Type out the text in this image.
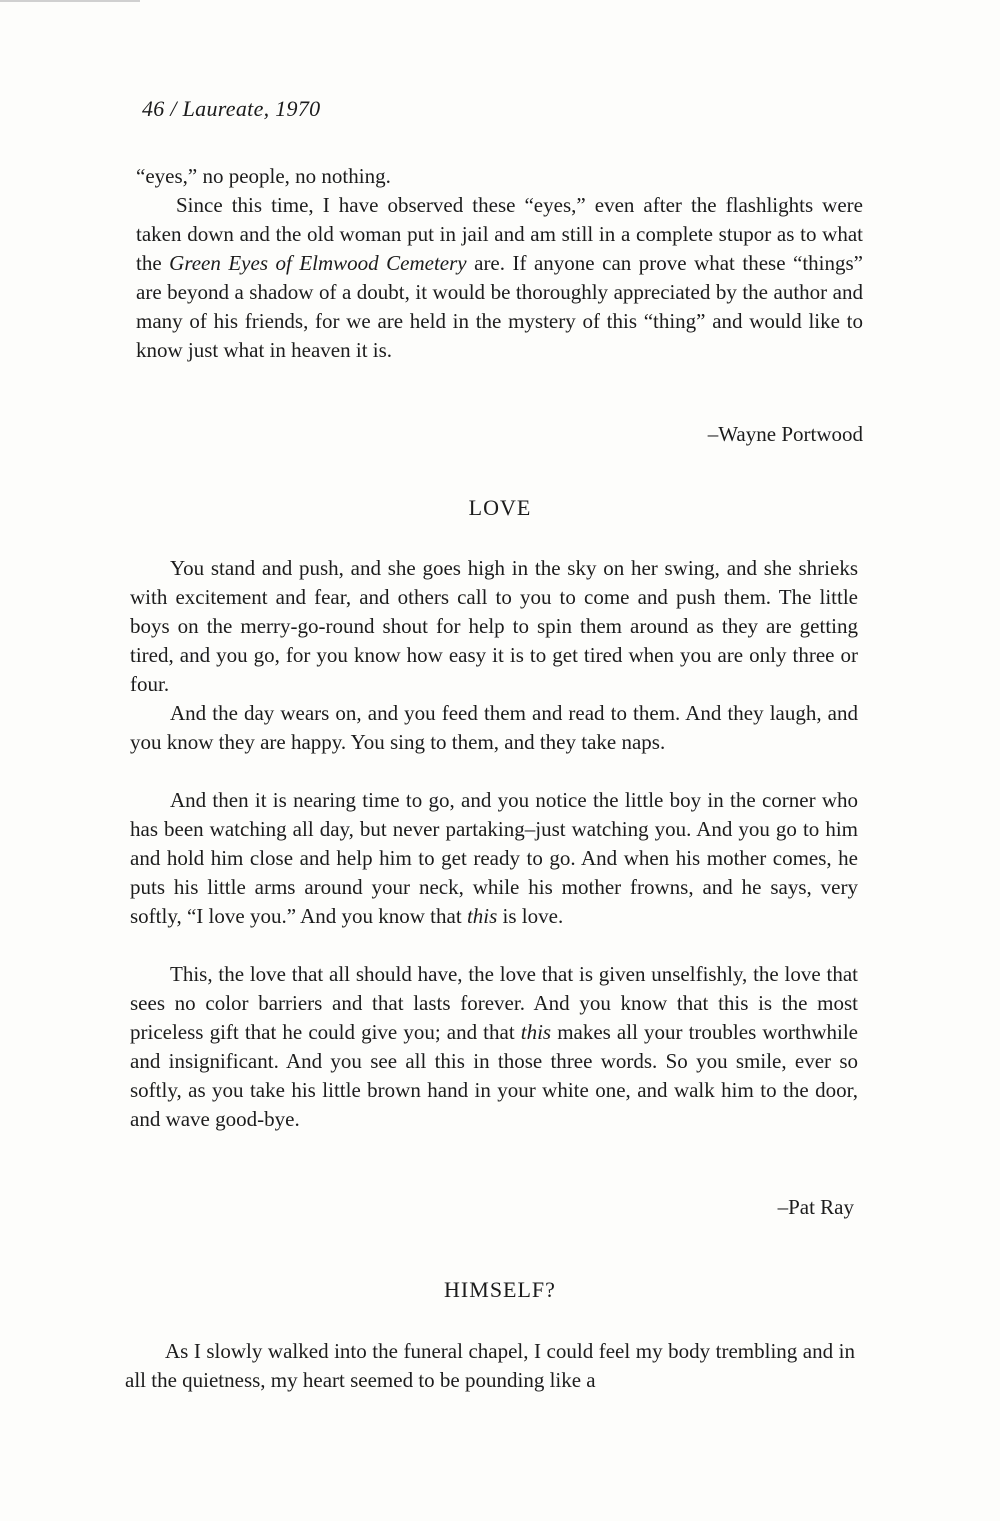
46 / Laureate, 1970

“eyes,” no people, no nothing.

Since this time, I have observed these “eyes,” even after the flashlights were taken down and the old woman put in jail and am still in a complete stupor as to what the Green Eyes of Elmwood Cemetery are. If anyone can prove what these “things” are beyond a shadow of a doubt, it would be thoroughly appreciated by the author and many of his friends, for we are held in the mystery of this “thing” and would like to know just what in heaven it is.

–Wayne Portwood
LOVE

You stand and push, and she goes high in the sky on her swing, and she shrieks with excitement and fear, and others call to you to come and push them. The little boys on the merry-go-round shout for help to spin them around as they are getting tired, and you go, for you know how easy it is to get tired when you are only three or four.

And the day wears on, and you feed them and read to them. And they laugh, and you know they are happy. You sing to them, and they take naps.

And then it is nearing time to go, and you notice the little boy in the corner who has been watching all day, but never partaking–just watching you. And you go to him and hold him close and help him to get ready to go. And when his mother comes, he puts his little arms around your neck, while his mother frowns, and he says, very softly, “I love you.” And you know that this is love.

This, the love that all should have, the love that is given unselfishly, the love that sees no color barriers and that lasts forever. And you know that this is the most priceless gift that he could give you; and that this makes all your troubles worthwhile and insignificant. And you see all this in those three words. So you smile, ever so softly, as you take his little brown hand in your white one, and walk him to the door, and wave good-bye.

–Pat Ray
HIMSELF?

As I slowly walked into the funeral chapel, I could feel my body trembling and in all the quietness, my heart seemed to be pounding like a
